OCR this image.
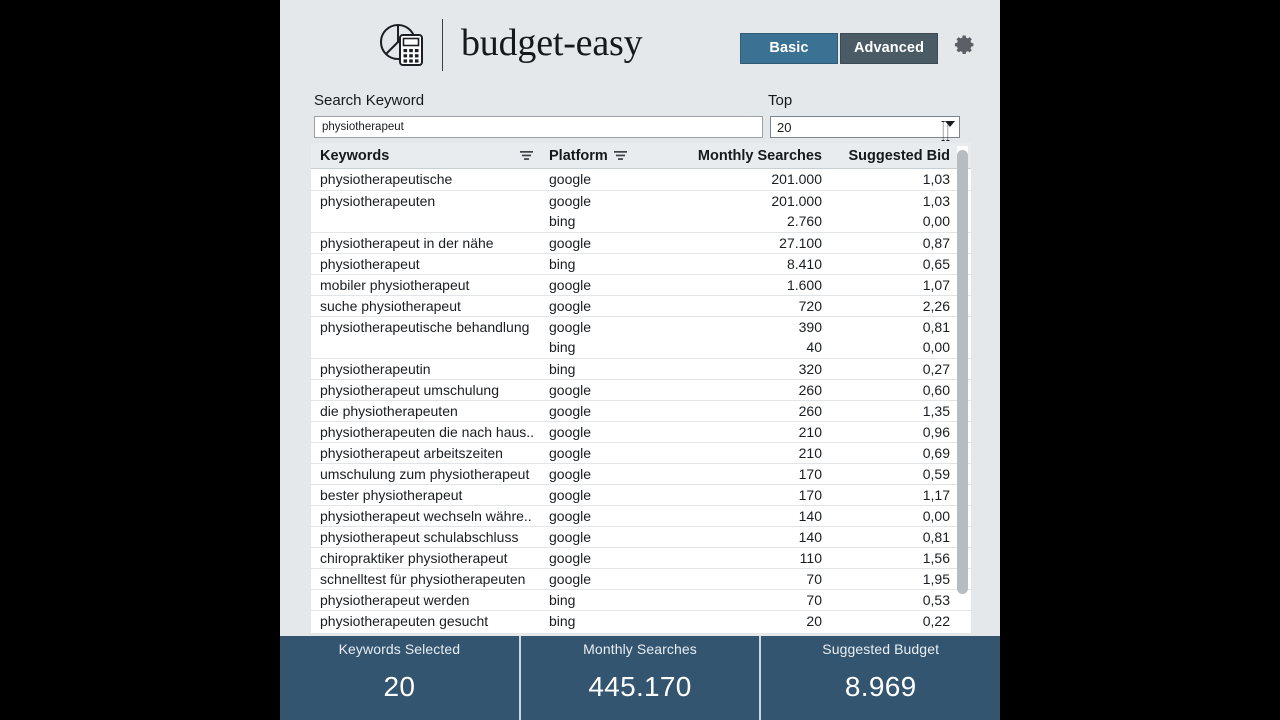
budget-easy	Basic	Advanced
Search Keyword
physiotherapeut	Top
20
Keywords	Platform	Monthly Searches	Suggested Bid
physiotherapeutische	google	201.000	1,03
physiotherapeuten	google	201.000	1,03
bing	2.760	0,00
physiotherapeut in der nähe	google	27.100	0,87
physiotherapeut	bing	8.410	0,65
mobiler physiotherapeut	google	1.600	1,07
suche physiotherapeut	google	720	2,26
physiotherapeutische behandlung	google	390	0,81
bing	40	0,00
physiotherapeutin	bing	320	0,27
physiotherapeut umschulung	google	260	0,60
die physiotherapeuten	google	260	1,35
physiotherapeuten die nach haus..	google	210	0,96
physiotherapeut arbeitszeiten	google	210	0,69
umschulung zum physiotherapeut	google	170	0,59
bester physiotherapeut	google	170	1,17
physiotherapeut wechseln währe..	google	140	0,00
physiotherapeut schulabschluss	google	140	0,81
chiropraktiker physiotherapeut	google	110	1,56
schnelltest für physiotherapeuten	google	70	1,95
physiotherapeut werden	bing	70	0,53
physiotherapeuten gesucht	bing	20	0,22
Keywords Selected
20
Monthly Searches
445.170
Suggested Budget
8.969
